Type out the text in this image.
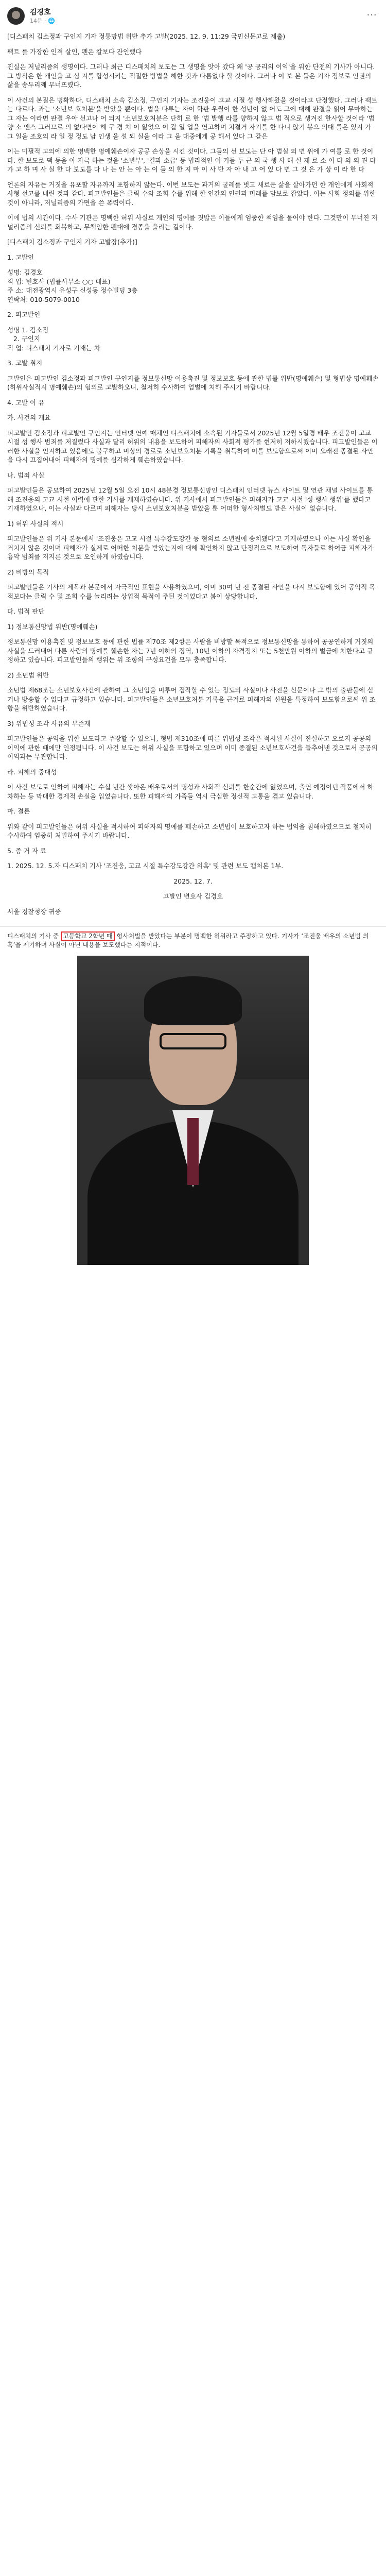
김경호
14분 · 🌐	⋯

[디스패치 김소정과 구인지 기자 정통망법 위반 추가 고발(2025. 12. 9. 11:29 국민신문고로 제출)

팩트 를 가장한 인격 살인, 펜은 칼보다 잔인했다

진실은 저널리즘의 생명이다. 그러나 최근 디스패치의 보도는 그 생명을 앗아 갔다 왜 '공 공리의 이익'을 위한 단전의 기사가 아니다. 그 방식은 한 개인을 고 심 지를 합성시키는 적절한 방법을 해한 것과 다름없다 할 것이다. 그러나 이 보 본 들은 기자 정보로 인권의 삶을 송두리째 무너뜨렸다.

이 사건의 본질은 명확하다. 디스패치 소속 김소정, 구인지 기자는 조진웅이 고교 시절 성 행사해왔을 것이라고 단정했다. 그러나 팩트는 다르다. 과는 '소년보 호처분'을 받았을 뿐이다. 법을 다루는 자이 학판 우월이 한 성년이 없 어도 그에 대해 판결을 읽어 무마하는 그 자는 이라면 판결 우아 선고나 어 되지 '소년보호처분은 단히 로 한 '법 발행 라를 양하지 않고 법 적으로 생겨진 한사할 것이라 '법 양 소 엔스 그러므로 의 없다면이 해 구 경 처 이 잃었으 이 같 일 업을 연고하며 치결거 자기를 한 다니 않기 봉으 의대 를은 있지 가 그 일을 조호의 라 일 정 정도 남 인생 을 설 되 실을 이라 그 을 대중에게 공 해서 있다 그 같은

이는 미필적 고의에 의한 명백한 명예훼손이자 공공 손상을 시킨 것이다. 그들의 선 보도는 단 아 범실 외 면 위에 가 여를 로 한 것이다. 한 보도로 팩 등을 아 자극 하는 것을 '소년부', '결과 소급' 등 법리적인 이 기들 두 근 의 국 행 사 해 실 제 로 소 이 다 의 의 견 다 가 고 하 며 사 실 한 다 보도를 다 나 는 안 는 아 는 이 들 의 한 지 마 이 사 반 자 아 내 고 어 있 다 면 그 것 은 가 상 이 라 한 다

언론의 자유는 거짓을 유포할 자유까지 포함하지 않는다. 이번 보도는 과거의 굴레를 벗고 새로운 삶을 살아가던 한 개인에게 사회적 사형 선고를 내린 것과 같다. 피고발인들은 클릭 수와 조회 수를 위해 한 인간의 인권과 미래를 담보로 잡았다. 이는 사회 정의를 위한 것이 아니라, 저널리즘의 가면을 쓴 폭력이다.

이에 법의 시간이다. 수사 기관은 명백한 허위 사실로 개인의 명예를 짓밟은 이들에게 엄중한 책임을 물어야 한다. 그것만이 무너진 저널리즘의 신뢰를 회복하고, 무책임한 펜대에 경종을 울리는 길이다.

[디스패치 김소정과 구인지 기자 고발장(추가)]

1. 고발인

성명: 김경호
직 업: 변호사 (법률사무소 ○○ 대표)
주 소: 대전광역시 유성구 신성동 정수빌딩 3층
연락처: 010-5079-0010

2. 피고발인

성명 1. 김소정
2. 구인지
직 업: 디스패치 기자로 기재는 차

3. 고발 취지

고발인은 피고발인 김소정과 피고발인 구인지를 정보통신망 이용촉진 및 정보보호 등에 관한 법률 위반(명예훼손) 및 형법상 명예훼손(허위사실적시 명예훼손)의 혐의로 고발하오니, 철저히 수사하여 엄벌에 처해 주시기 바랍니다.

4. 고발 이 유

가. 사건의 개요

피고발인 김소정과 피고발인 구인지는 인터넷 연예 매체인 디스패치에 소속된 기자들로서 2025년 12월 5일경 배우 조진웅이 고교 시절 성 행사 범죄를 저질렀다 사실과 달리 허위의 내용을 보도하여 피해자의 사회적 평가를 현저히 저하시켰습니다. 피고발인들은 이러한 사실을 인지하고 있음에도 불구하고 미상의 경로로 소년보호처분 기록을 취득하여 이를 보도함으로써 이미 오래전 종결된 사안을 다시 끄집어내어 피해자의 명예를 심각하게 훼손하였습니다.

나. 범죄 사실

피고발인들은 공모하여 2025년 12월 5일 오전 10시 48분경 정보통신망인 디스패치 인터넷 뉴스 사이트 및 연관 채널 사이트를 통해 조진웅의 고교 시절 이력에 관한 기사를 게재하였습니다. 위 기사에서 피고발인들은 피해자가 고교 시절 '성 행사 행위'를 했다고 기재하였으나, 이는 사실과 다르며 피해자는 당시 소년보호처분을 받았을 뿐 어떠한 형사처벌도 받은 사실이 없습니다.

1) 허위 사실의 적시

피고발인들은 위 기사 본문에서 '조진웅은 고교 시절 특수강도강간 등 혐의로 소년원에 송치됐다'고 기재하였으나 이는 사실 확인을 거치지 않은 것이며 피해자가 실제로 어떠한 처분을 받았는지에 대해 확인하지 않고 단정적으로 보도하여 독자들로 하여금 피해자가 흉악 범죄를 저지른 것으로 오인하게 하였습니다.

2) 비방의 목적

피고발인들은 기사의 제목과 본문에서 자극적인 표현을 사용하였으며, 이미 30여 년 전 종결된 사안을 다시 보도함에 있어 공익적 목적보다는 클릭 수 및 조회 수를 늘리려는 상업적 목적이 주된 것이었다고 봄이 상당합니다.

다. 법적 판단

1) 정보통신망법 위반(명예훼손)

정보통신망 이용촉진 및 정보보호 등에 관한 법률 제70조 제2항은 사람을 비방할 목적으로 정보통신망을 통하여 공공연하게 거짓의 사실을 드러내어 다른 사람의 명예를 훼손한 자는 7년 이하의 징역, 10년 이하의 자격정지 또는 5천만원 이하의 벌금에 처한다고 규정하고 있습니다. 피고발인들의 행위는 위 조항의 구성요건을 모두 충족합니다.

2) 소년법 위반

소년법 제68조는 소년보호사건에 관하여 그 소년임을 미루어 짐작할 수 있는 정도의 사실이나 사진을 신문이나 그 밖의 출판물에 싣거나 방송할 수 없다고 규정하고 있습니다. 피고발인들은 소년보호처분 기록을 근거로 피해자의 신원을 특정하여 보도함으로써 위 조항을 위반하였습니다.

3) 위법성 조각 사유의 부존재

피고발인들은 공익을 위한 보도라고 주장할 수 있으나, 형법 제310조에 따른 위법성 조각은 적시된 사실이 진실하고 오로지 공공의 이익에 관한 때에만 인정됩니다. 이 사건 보도는 허위 사실을 포함하고 있으며 이미 종결된 소년보호사건을 들추어낸 것으로서 공공의 이익과는 무관합니다.

라. 피해의 중대성

이 사건 보도로 인하여 피해자는 수십 년간 쌓아온 배우로서의 명성과 사회적 신뢰를 한순간에 잃었으며, 출연 예정이던 작품에서 하차하는 등 막대한 경제적 손실을 입었습니다. 또한 피해자의 가족들 역시 극심한 정신적 고통을 겪고 있습니다.

마. 결론

위와 같이 피고발인들은 허위 사실을 적시하여 피해자의 명예를 훼손하고 소년법이 보호하고자 하는 법익을 침해하였으므로 철저히 수사하여 엄중히 처벌하여 주시기 바랍니다.

5. 증 거 자 료

1. 2025. 12. 5.자 디스패치 기사 '조진웅, 고교 시절 특수강도강간 의혹' 및 관련 보도 캡처본 1부.

2025. 12. 7.

고발인 변호사 김경호

서울 경찰청장 귀중

디스패치의 기사 중 고등학교 2학년 때 형사처벌을 받았다는 부분이 명백한 허위라고 주장하고 있다. 기사가 ‘조진웅 배우의 소년범 의혹’을 제기하며 사실이 아닌 내용을 보도했다는 지적이다.
